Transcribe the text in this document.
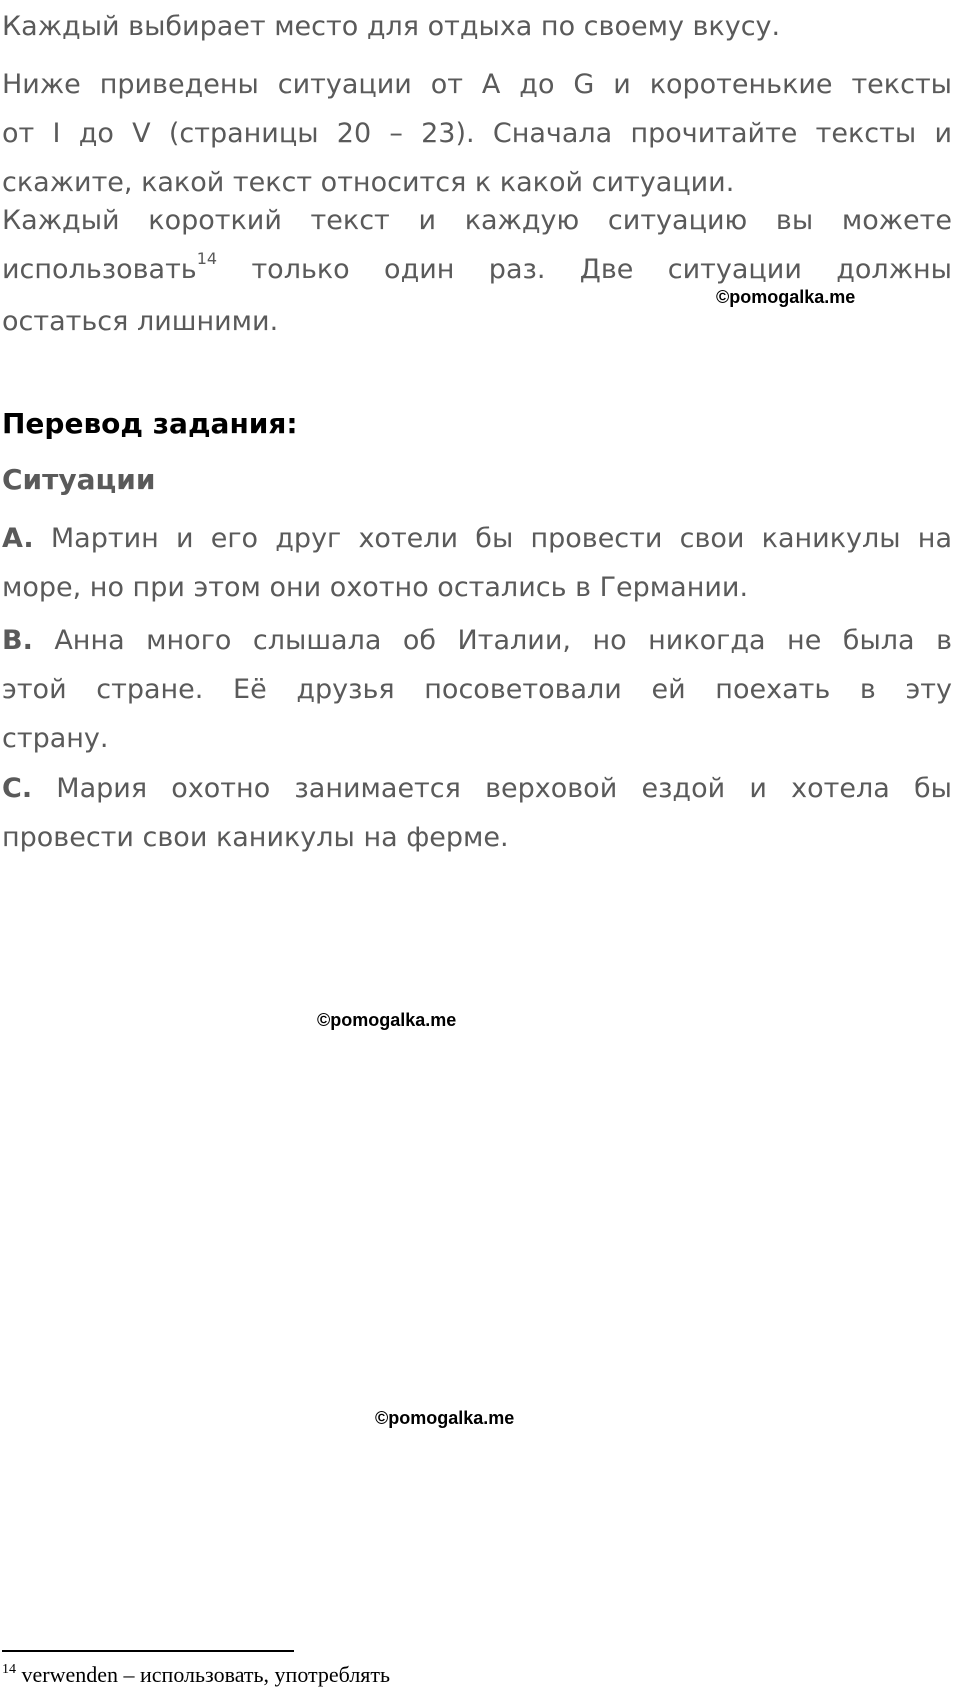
Каждый выбирает место для отдыха по своему вкусу.

Ниже приведены ситуации от A до G и коротенькие тексты
от I до V (страницы 20 – 23). Сначала прочитайте тексты и
скажите, какой текст относится к какой ситуации.

Каждый короткий текст и каждую ситуацию вы можете
использовать$^{14}$ только один раз. Две ситуации должны
остаться лишними.

©pomogalka.me
Перевод задания:
Ситуации

A. Мартин и его друг хотели бы провести свои каникулы на
море, но при этом они охотно остались в Германии.

B. Анна много слышала об Италии, но никогда не была в
этой стране. Её друзья посоветовали ей поехать в эту
страну.

C. Мария охотно занимается верховой ездой и хотела бы
провести свои каникулы на ферме.

©pomogalka.me
©pomogalka.me
$^{14}$ verwenden – использовать, употреблять
